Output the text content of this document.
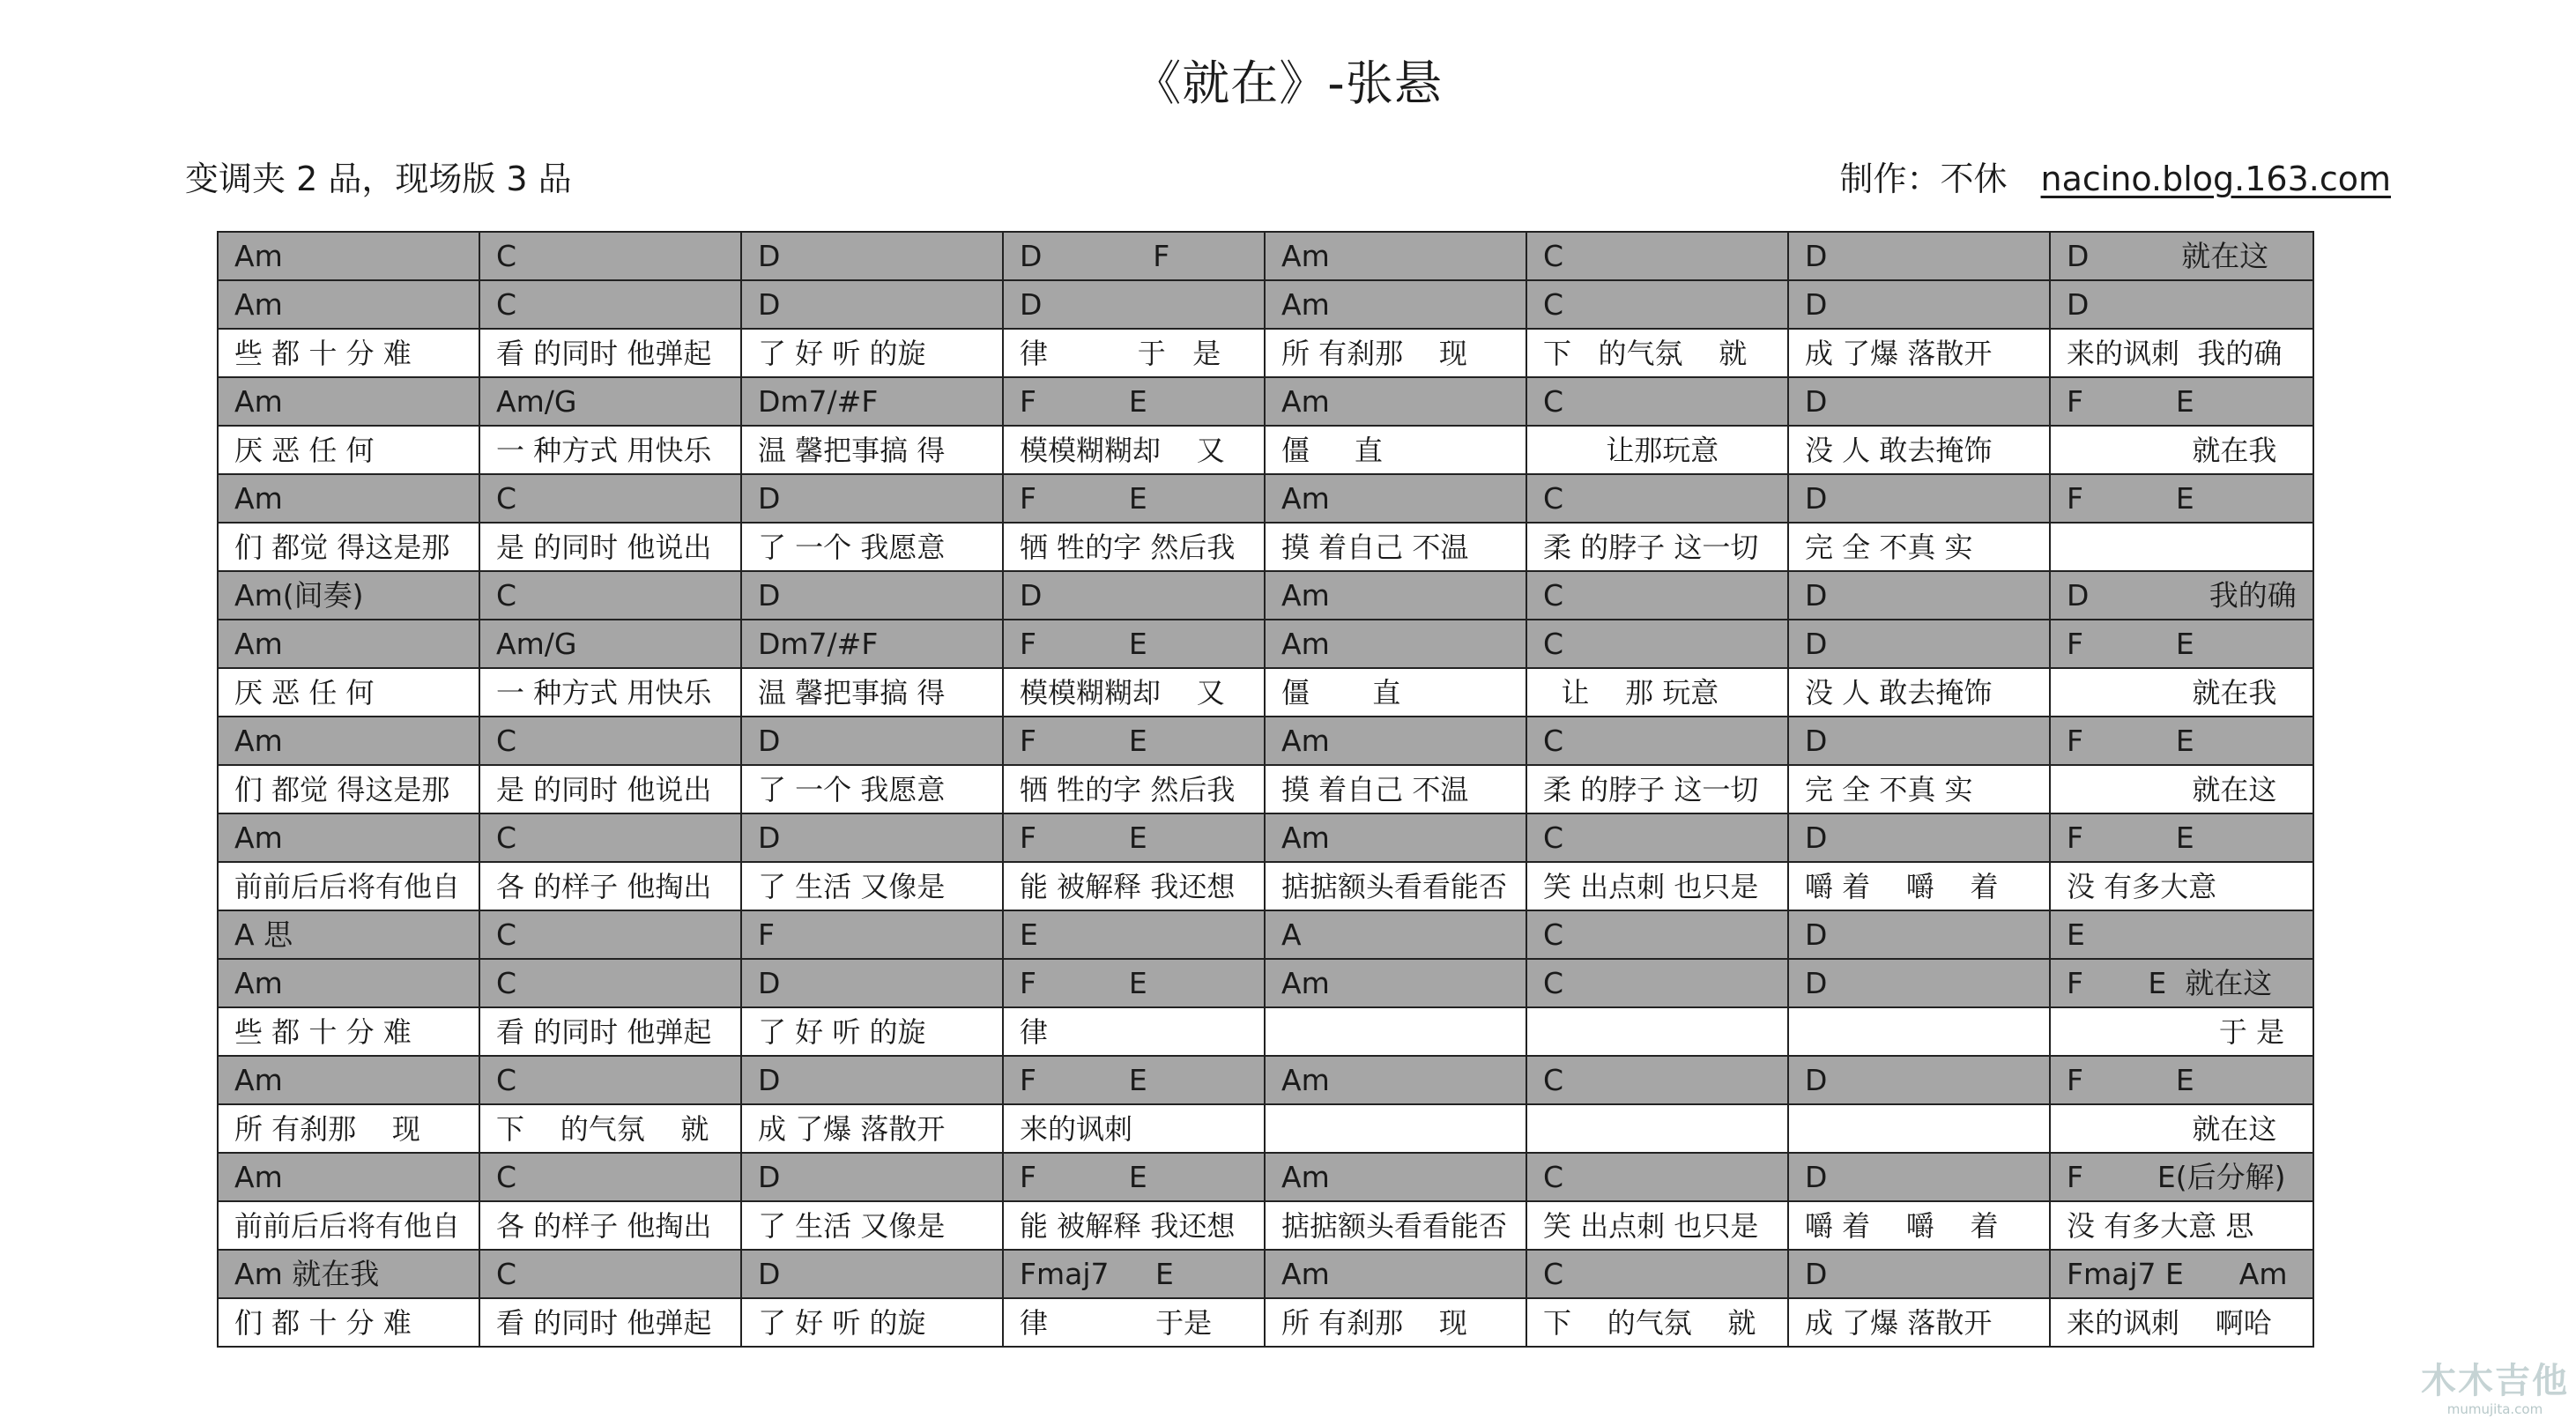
《就在》-张悬
变调夹 2 品，现场版 3 品	制作：不休 nacino.blog.163.com
Am	C	D	D            F	Am	C	D	D          就在这
Am	C	D	D	Am	C	D	D
些 都 十 分 难	看 的同时 他弹起	了 好 听 的旋	律          于   是	所 有刹那    现	下   的气氛    就	成 了爆 落散开	来的讽刺  我的确
Am	Am/G	Dm7/#F	F          E	Am	C	D	F          E
厌 恶 任 何	一 种方式 用快乐	温 馨把事搞 得	模模糊糊却    又	僵     直	让那玩意	没 人 敢去掩饰	就在我
Am	C	D	F          E	Am	C	D	F          E
们 都觉 得这是那	是 的同时 他说出	了 一个 我愿意	牺 牲的字 然后我	摸 着自己 不温	柔 的脖子 这一切	完 全 不真 实	
Am(间奏)	C	D	D	Am	C	D	D             我的确
Am	Am/G	Dm7/#F	F          E	Am	C	D	F          E
厌 恶 任 何	一 种方式 用快乐	温 馨把事搞 得	模模糊糊却    又	僵       直	让    那 玩意	没 人 敢去掩饰	就在我
Am	C	D	F          E	Am	C	D	F          E
们 都觉 得这是那	是 的同时 他说出	了 一个 我愿意	牺 牲的字 然后我	摸 着自己 不温	柔 的脖子 这一切	完 全 不真 实	就在这
Am	C	D	F          E	Am	C	D	F          E
前前后后将有他自	各 的样子 他掏出	了 生活 又像是	能 被解释 我还想	掂掂额头看看能否	笑 出点刺 也只是	嚼 着    嚼    着	没 有多大意
A 思	C	F	E	A	C	D	E
Am	C	D	F          E	Am	C	D	F       E  就在这
些 都 十 分 难	看 的同时 他弹起	了 好 听 的旋	律				于 是
Am	C	D	F          E	Am	C	D	F          E
所 有刹那    现	下    的气氛    就	成 了爆 落散开	来的讽刺				就在这
Am	C	D	F          E	Am	C	D	F        E(后分解)
前前后后将有他自	各 的样子 他掏出	了 生活 又像是	能 被解释 我还想	掂掂额头看看能否	笑 出点刺 也只是	嚼 着    嚼    着	没 有多大意 思
Am 就在我	C	D	Fmaj7     E	Am	C	D	Fmaj7 E      Am
们 都 十 分 难	看 的同时 他弹起	了 好 听 的旋	律            于是	所 有刹那    现	下    的气氛    就	成 了爆 落散开	来的讽刺    啊哈
木木吉他
mumujita.com
